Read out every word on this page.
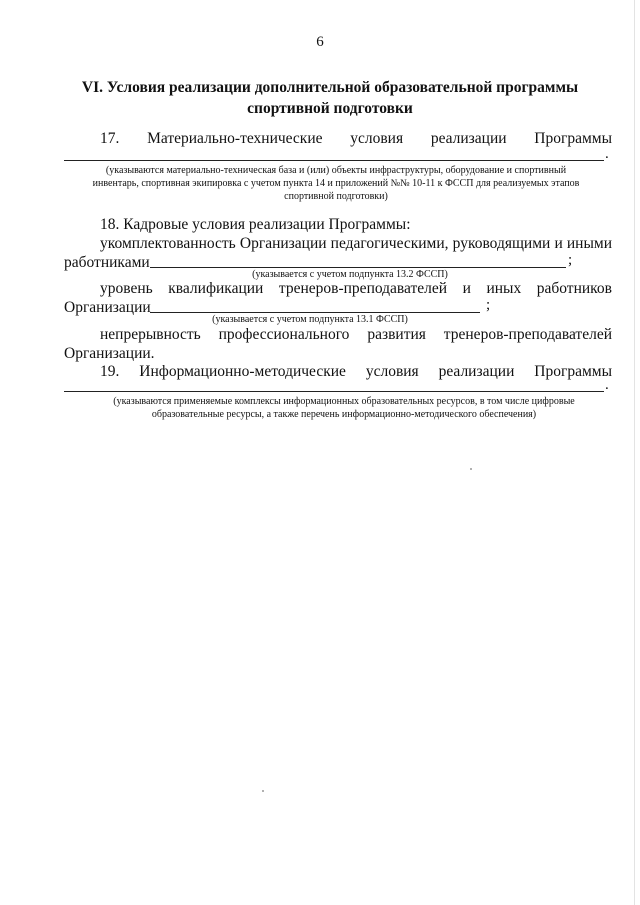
6
VI. Условия реализации дополнительной образовательной программы
спортивной подготовки
17. Материально-технические условия реализации Программы
.
(указываются материально-техническая база и (или) объекты инфраструктуры, оборудование и спортивный инвентарь, спортивная экипировка с учетом пункта 14 и приложений №№ 10-11 к ФССП для реализуемых этапов спортивной подготовки)
18. Кадровые условия реализации Программы:
укомплектованность Организации педагогическими, руководящими и иными
работниками	;
(указывается с учетом подпункта 13.2 ФССП)
уровень квалификации тренеров-преподавателей и иных работников
Организации	;
(указывается с учетом подпункта 13.1 ФССП)
непрерывность профессионального развития тренеров-преподавателей
Организации.
19. Информационно-методические условия реализации Программы
.
(указываются применяемые комплексы информационных образовательных ресурсов, в том числе цифровые образовательные ресурсы, а также перечень информационно-методического обеспечения)
